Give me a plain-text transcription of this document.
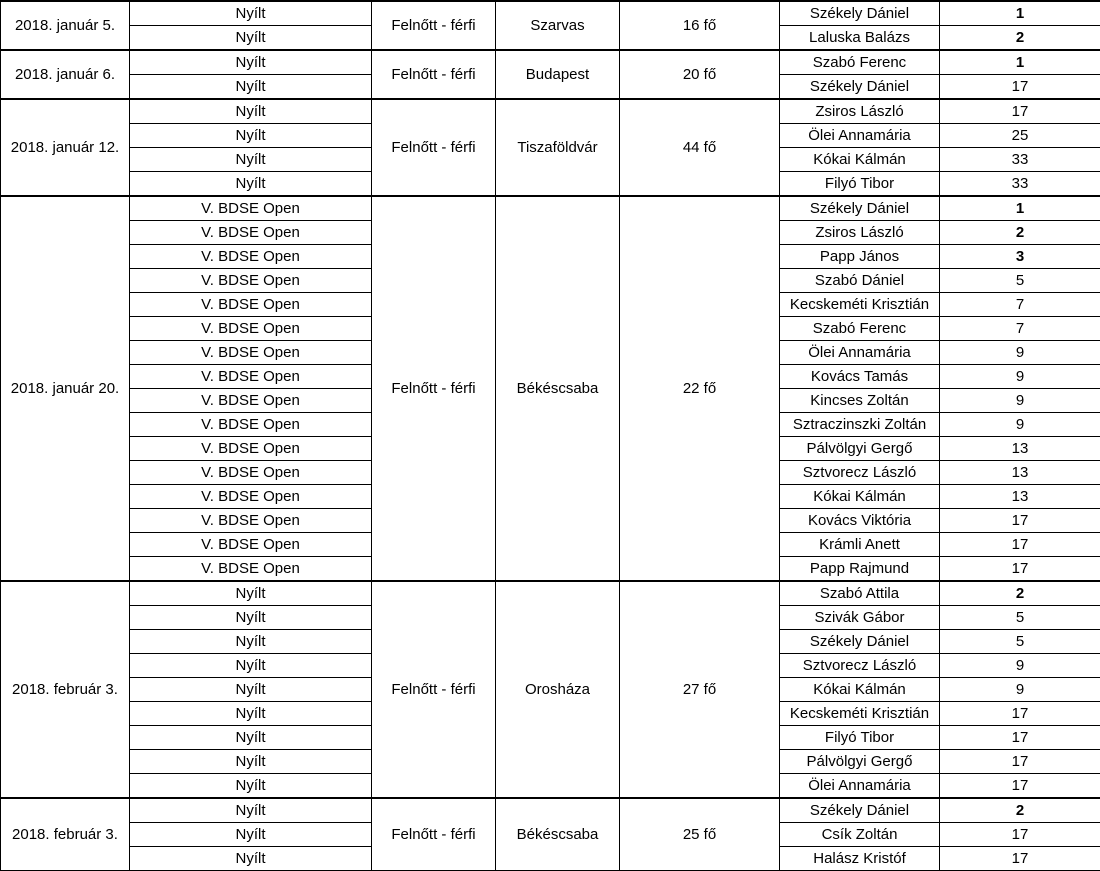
2018. január 5.	Nyílt	Felnőtt - férfi	Szarvas	16 fő	Székely Dániel	1
	Nyílt				Laluska Balázs	2
2018. január 6.	Nyílt	Felnőtt - férfi	Budapest	20 fő	Szabó Ferenc	1
	Nyílt				Székely Dániel	17
2018. január 12.	Nyílt	Felnőtt - férfi	Tiszaföldvár	44 fő	Zsiros László	17
	Nyílt				Ölei Annamária	25
	Nyílt				Kókai Kálmán	33
	Nyílt				Filyó Tibor	33
2018. január 20.	V. BDSE Open	Felnőtt - férfi	Békéscsaba	22 fő	Székely Dániel	1
	V. BDSE Open				Zsiros László	2
	V. BDSE Open				Papp János	3
	V. BDSE Open				Szabó Dániel	5
	V. BDSE Open				Kecskeméti Krisztián	7
	V. BDSE Open				Szabó Ferenc	7
	V. BDSE Open				Ölei Annamária	9
	V. BDSE Open				Kovács Tamás	9
	V. BDSE Open				Kincses Zoltán	9
	V. BDSE Open				Sztraczinszki Zoltán	9
	V. BDSE Open				Pálvölgyi Gergő	13
	V. BDSE Open				Sztvorecz László	13
	V. BDSE Open				Kókai Kálmán	13
	V. BDSE Open				Kovács Viktória	17
	V. BDSE Open				Krámli Anett	17
	V. BDSE Open				Papp Rajmund	17
2018. február 3.	Nyílt	Felnőtt - férfi	Orosháza	27 fő	Szabó Attila	2
	Nyílt				Szivák Gábor	5
	Nyílt				Székely Dániel	5
	Nyílt				Sztvorecz László	9
	Nyílt				Kókai Kálmán	9
	Nyílt				Kecskeméti Krisztián	17
	Nyílt				Filyó Tibor	17
	Nyílt				Pálvölgyi Gergő	17
	Nyílt				Ölei Annamária	17
2018. február 3.	Nyílt	Felnőtt - férfi	Békéscsaba	25 fő	Székely Dániel	2
	Nyílt				Csík Zoltán	17
	Nyílt				Halász Kristóf	17
